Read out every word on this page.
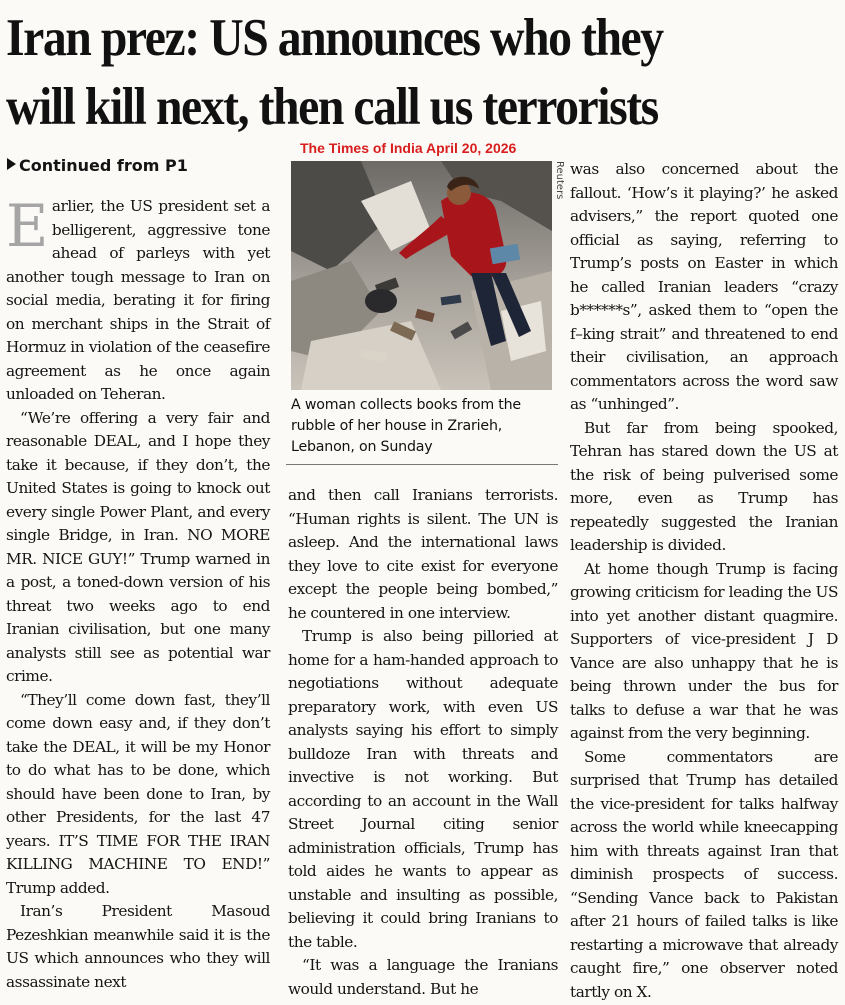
Iran prez: US announces who they
will kill next, then call us terrorists
The Times of India April 20, 2026
Continued from P1	Reuters
A woman collects books from the rubble of her house in Zrarieh, Lebanon, on Sunday

Earlier, the US president set a belligerent, aggressive tone ahead of parleys with yet another tough message to Iran on social media, berating it for firing on merchant ships in the Strait of Hormuz in violation of the ceasefire agreement as he once again unloaded on Teheran.

“We’re offering a very fair and reasonable DEAL, and I hope they take it because, if they don’t, the United States is going to knock out every single Power Plant, and every single Bridge, in Iran. NO MORE MR. NICE GUY!” Trump warned in a post, a toned-down version of his threat two weeks ago to end Iranian civilisation, but one many analysts still see as potential war crime.

“They’ll come down fast, they’ll come down easy and, if they don’t take the DEAL, it will be my Honor to do what has to be done, which should have been done to Iran, by other Presidents, for the last 47 years. IT’S TIME FOR THE IRAN KILLING MACHINE TO END!” Trump added.

Iran’s President Masoud Pezeshkian meanwhile said it is the US which announces who they will assassinate next

and then call Iranians terrorists. “Human rights is silent. The UN is asleep. And the international laws they love to cite exist for everyone except the people being bombed,” he countered in one interview.

Trump is also being pilloried at home for a ham-handed approach to negotiations without adequate preparatory work, with even US analysts saying his effort to simply bulldoze Iran with threats and invective is not working. But according to an account in the Wall Street Journal citing senior administration officials, Trump has told aides he wants to appear as unstable and insulting as possible, believing it could bring Iranians to the table.

“It was a language the Iranians would understand. But he

was also concerned about the fallout. ‘How’s it playing?’ he asked advisers,” the report quoted one official as saying, referring to Trump’s posts on Easter in which he called Iranian leaders “crazy b******s”, asked them to “open the f–king strait” and threatened to end their civilisation, an approach commentators across the word saw as “unhinged”.

But far from being spooked, Tehran has stared down the US at the risk of being pulverised some more, even as Trump has repeatedly suggested the Iranian leadership is divided.

At home though Trump is facing growing criticism for leading the US into yet another distant quagmire. Supporters of vice-president J D Vance are also unhappy that he is being thrown under the bus for talks to defuse a war that he was against from the very beginning.

Some commentators are surprised that Trump has detailed the vice-president for talks halfway across the world while kneecapping him with threats against Iran that diminish prospects of success. “Sending Vance back to Pakistan after 21 hours of failed talks is like restarting a microwave that already caught fire,” one observer noted tartly on X.
